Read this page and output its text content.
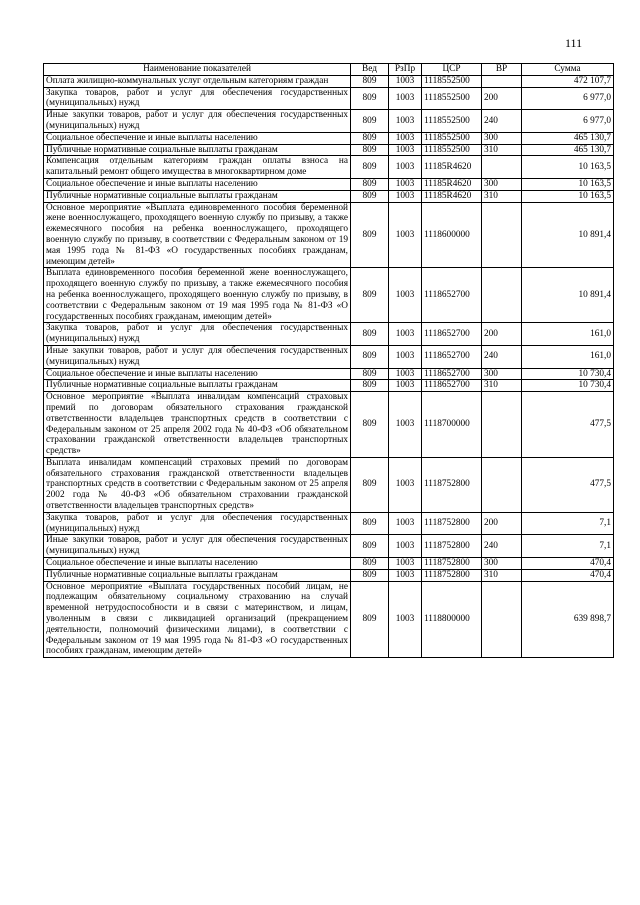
111
Наименование показателей	Вед	РзПр	ЦСР	ВР	Сумма
Оплата жилищно-коммунальных услуг отдельным категориям граждан	809	1003	1118552500		472 107,7
Закупка товаров, работ и услуг для обеспечения государственных (муниципальных) нужд	809	1003	1118552500	200	6 977,0
Иные закупки товаров, работ и услуг для обеспечения государственных (муниципальных) нужд	809	1003	1118552500	240	6 977,0
Социальное обеспечение и иные выплаты населению	809	1003	1118552500	300	465 130,7
Публичные нормативные социальные выплаты гражданам	809	1003	1118552500	310	465 130,7
Компенсация отдельным категориям граждан оплаты взноса на капитальный ремонт общего имущества в многоквартирном доме	809	1003	11185R4620		10 163,5
Социальное обеспечение и иные выплаты населению	809	1003	11185R4620	300	10 163,5
Публичные нормативные социальные выплаты гражданам	809	1003	11185R4620	310	10 163,5
Основное мероприятие «Выплата единовременного пособия беременной жене военнослужащего, проходящего военную службу по призыву, а также ежемесячного пособия на ребенка военнослужащего, проходящего военную службу по призыву, в соответствии с Федеральным законом от 19 мая 1995 года № 81-ФЗ «О государственных пособиях гражданам, имеющим детей»	809	1003	1118600000		10 891,4
Выплата единовременного пособия беременной жене военнослужащего, проходящего военную службу по призыву, а также ежемесячного пособия на ребенка военнослужащего, проходящего военную службу по призыву, в соответствии с Федеральным законом от 19 мая 1995 года № 81-ФЗ «О государственных пособиях гражданам, имеющим детей»	809	1003	1118652700		10 891,4
Закупка товаров, работ и услуг для обеспечения государственных (муниципальных) нужд	809	1003	1118652700	200	161,0
Иные закупки товаров, работ и услуг для обеспечения государственных (муниципальных) нужд	809	1003	1118652700	240	161,0
Социальное обеспечение и иные выплаты населению	809	1003	1118652700	300	10 730,4
Публичные нормативные социальные выплаты гражданам	809	1003	1118652700	310	10 730,4
Основное мероприятие «Выплата инвалидам компенсаций страховых премий по договорам обязательного страхования гражданской ответственности владельцев транспортных средств в соответствии с Федеральным законом от 25 апреля 2002 года № 40-ФЗ «Об обязательном страховании гражданской ответственности владельцев транспортных средств»	809	1003	1118700000		477,5
Выплата инвалидам компенсаций страховых премий по договорам обязательного страхования гражданской ответственности владельцев транспортных средств в соответствии с Федеральным законом от 25 апреля 2002 года № 40-ФЗ «Об обязательном страховании гражданской ответственности владельцев транспортных средств»	809	1003	1118752800		477,5
Закупка товаров, работ и услуг для обеспечения государственных (муниципальных) нужд	809	1003	1118752800	200	7,1
Иные закупки товаров, работ и услуг для обеспечения государственных (муниципальных) нужд	809	1003	1118752800	240	7,1
Социальное обеспечение и иные выплаты населению	809	1003	1118752800	300	470,4
Публичные нормативные социальные выплаты гражданам	809	1003	1118752800	310	470,4
Основное мероприятие «Выплата государственных пособий лицам, не подлежащим обязательному социальному страхованию на случай временной нетрудоспособности и в связи с материнством, и лицам, уволенным в связи с ликвидацией организаций (прекращением деятельности, полномочий физическими лицами), в соответствии с Федеральным законом от 19 мая 1995 года № 81-ФЗ «О государственных пособиях гражданам, имеющим детей»	809	1003	1118800000		639 898,7
